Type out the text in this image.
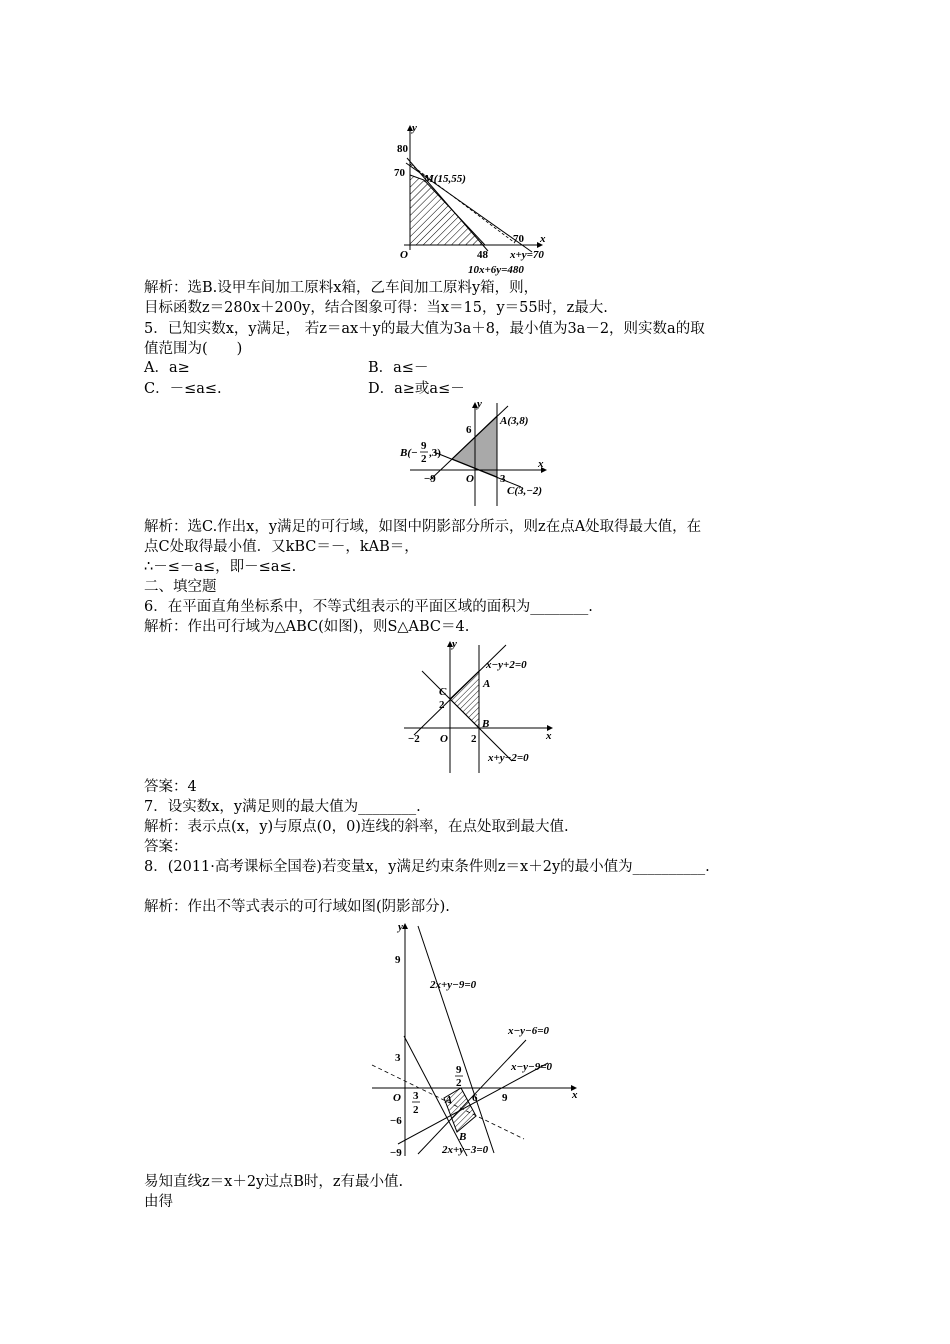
y
x
80
70 M(15,55)
O	48
70
x+y=70
10x+6y=480
解析：选B.设甲车间加工原料x箱，乙车间加工原料y箱，则，
目标函数z＝280x＋200y，结合图象可得：当x＝15，y＝55时，z最大.
5．已知实数x，y满足， 若z＝ax＋y的最大值为3a＋8，最小值为3a－2，则实数a的取
值范围为(　　)
A．a≥	B．a≤－
C．－≤a≤.	D．a≥或a≤－
y
x
A(3,8)
6
B(−
9
2 ,3)
O
−9	3
C(3,−2)
解析：选C.作出x，y满足的可行域，如图中阴影部分所示，则z在点A处取得最大值，在
点C处取得最小值．又kBC＝－，kAB＝，
∴－≤－a≤，即－≤a≤.
二、填空题
6．在平面直角坐标系中，不等式组表示的平面区域的面积为________.
解析：作出可行域为△ABC(如图)，则S△ABC＝4.
y
x
x−y+2=0
x+y−2=0
A
B
C
2
−2 O 2
答案：4
7．设实数x，y满足则的最大值为________.
解析：表示点(x，y)与原点(0，0)连线的斜率，在点处取到最大值.
答案：
8．(2011·高考课标全国卷)若变量x，y满足约束条件则z＝x＋2y的最小值为__________.
解析：作出不等式表示的可行域如图(阴影部分).
y
x
9
3
−6
−9
O 3
2
9
2
6 9
2x+y−9=0
x−y−6=0
x−y−9=0
2x+y−3=0
A
B
易知直线z＝x＋2y过点B时，z有最小值.
由得
